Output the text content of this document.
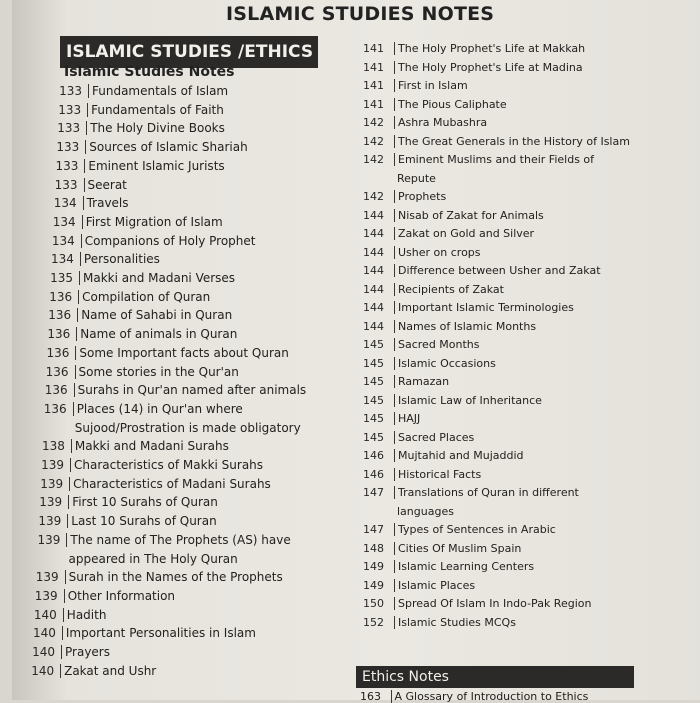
ISLAMIC STUDIES NOTES
ISLAMIC STUDIES /ETHICS
Islamic Studies Notes
133 Fundamentals of Islam
133 Fundamentals of Faith
133 The Holy Divine Books
133 Sources of Islamic Shariah
133 Eminent Islamic Jurists
133 Seerat
134 Travels
134 First Migration of Islam
134 Companions of Holy Prophet
134 Personalities
135 Makki and Madani Verses
136 Compilation of Quran
136 Name of Sahabi in Quran
136 Name of animals in Quran
136 Some Important facts about Quran
136 Some stories in the Qur'an
136 Surahs in Qur'an named after animals
136 Places (14) in Qur'an where
Sujood/Prostration is made obligatory
138 Makki and Madani Surahs
139 Characteristics of Makki Surahs
139 Characteristics of Madani Surahs
139 First 10 Surahs of Quran
139 Last 10 Surahs of Quran
139 The name of The Prophets (AS) have
appeared in The Holy Quran
139 Surah in the Names of the Prophets
139 Other Information
140 Hadith
140 Important Personalities in Islam
140 Prayers
140 Zakat and Ushr
141	The Holy Prophet's Life at Makkah
141	The Holy Prophet's Life at Madina
141	First in Islam
141	The Pious Caliphate
142	Ashra Mubashra
142	The Great Generals in the History of Islam
142	Eminent Muslims and their Fields of
Repute
142	Prophets
144	Nisab of Zakat for Animals
144	Zakat on Gold and Silver
144	Usher on crops
144	Difference between Usher and Zakat
144	Recipients of Zakat
144	Important Islamic Terminologies
144	Names of Islamic Months
145	Sacred Months
145	Islamic Occasions
145	Ramazan
145	Islamic Law of Inheritance
145	HAJJ
145	Sacred Places
146	Mujtahid and Mujaddid
146	Historical Facts
147	Translations of Quran in different
languages
147	Types of Sentences in Arabic
148	Cities Of Muslim Spain
149	Islamic Learning Centers
149	Islamic Places
150	Spread Of Islam In Indo-Pak Region
152	Islamic Studies MCQs
Ethics Notes
163 A Glossary of Introduction to Ethics
